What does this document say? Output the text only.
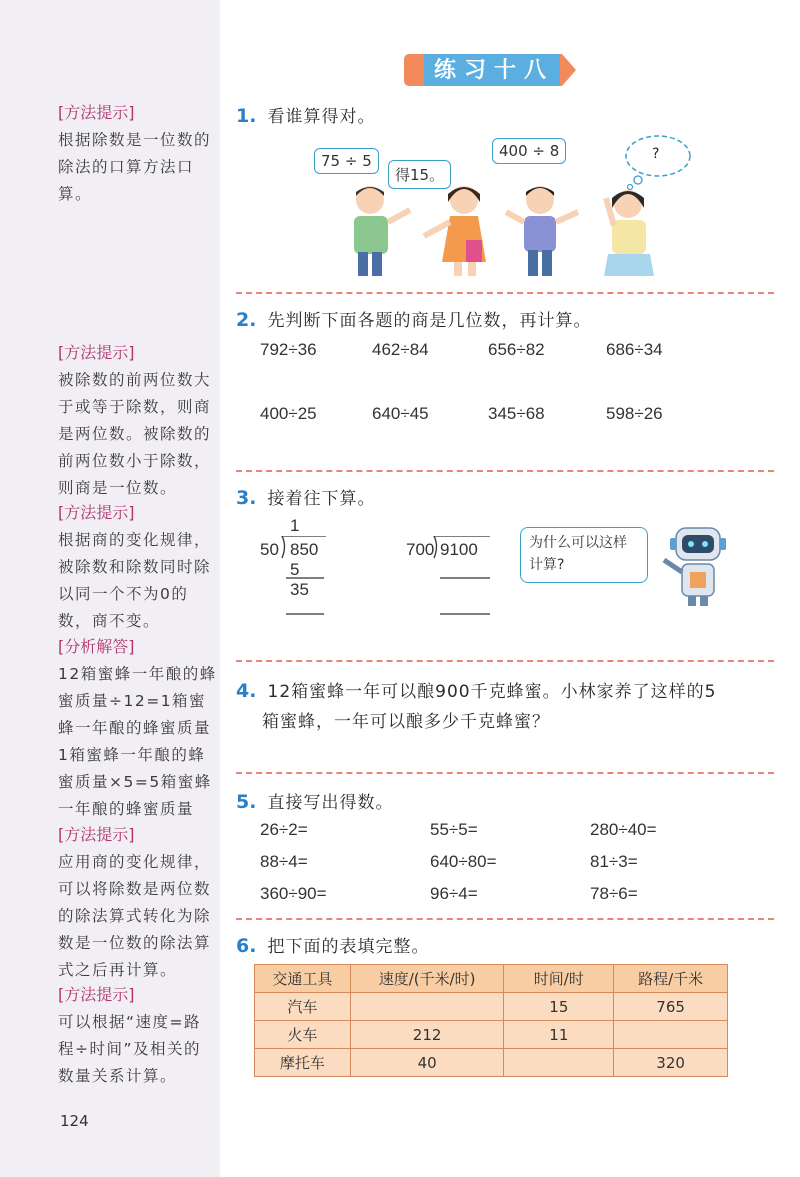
[方法提示]
根据除数是一位数的除法的口算方法口算。
[方法提示]
被除数的前两位数大于或等于除数，则商是两位数。被除数的前两位数小于除数，则商是一位数。
[方法提示]
根据商的变化规律，被除数和除数同时除以同一个不为0的数，商不变。
[分析解答]
12箱蜜蜂一年酿的蜂蜜质量÷12=1箱蜜蜂一年酿的蜂蜜质量 1箱蜜蜂一年酿的蜂蜜质量×5=5箱蜜蜂一年酿的蜂蜜质量
[方法提示]
应用商的变化规律，可以将除数是两位数的除法算式转化为除数是一位数的除法算式之后再计算。
[方法提示]
可以根据“速度=路程÷时间”及相关的数量关系计算。
124
练习十八
1. 看谁算得对。
75 ÷ 5
得15。
400 ÷ 8	?
2. 先判断下面各题的商是几位数，再计算。
792÷36	462÷84	656÷82	686÷34
400÷25	640÷45	345÷68	598÷26
3. 接着往下算。
1
50 850
5
35
700 9100	为什么可以这样计算?
4. 12箱蜜蜂一年可以酿900千克蜂蜜。小林家养了这样的5
箱蜜蜂，一年可以酿多少千克蜂蜜？
5. 直接写出得数。
26÷2=	55÷5=	280÷40=
88÷4=	640÷80=	81÷3=
360÷90=	96÷4=	78÷6=
6. 把下面的表填完整。
交通工具	速度/(千米/时)	时间/时	路程/千米
汽车		15	765
火车	212	11	
摩托车	40		320
